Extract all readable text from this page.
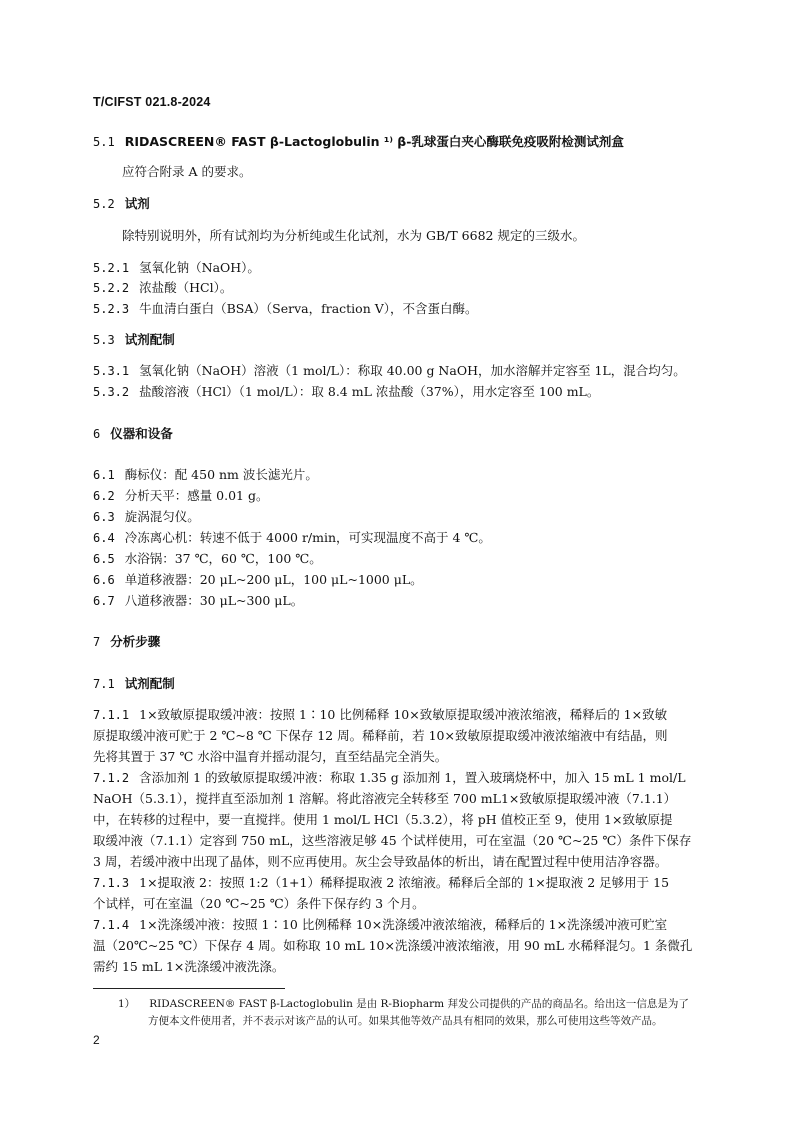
T/CIFST 021.8-2024
5.1 RIDASCREEN® FAST β-Lactoglobulin ¹⁾ β-乳球蛋白夹心酶联免疫吸附检测试剂盒
应符合附录 A 的要求。
5.2 试剂
除特别说明外，所有试剂均为分析纯或生化试剂，水为 GB/T 6682 规定的三级水。
5.2.1 氢氧化钠（NaOH）。
5.2.2 浓盐酸（HCl）。
5.2.3 牛血清白蛋白（BSA）（Serva，fraction V），不含蛋白酶。
5.3 试剂配制
5.3.1 氢氧化钠（NaOH）溶液（1 mol/L）：称取 40.00 g NaOH，加水溶解并定容至 1L，混合均匀。
5.3.2 盐酸溶液（HCl）（1 mol/L）：取 8.4 mL 浓盐酸（37%），用水定容至 100 mL。
6 仪器和设备
6.1 酶标仪：配 450 nm 波长滤光片。
6.2 分析天平：感量 0.01 g。
6.3 旋涡混匀仪。
6.4 冷冻离心机：转速不低于 4000 r/min，可实现温度不高于 4 ℃。
6.5 水浴锅：37 ℃，60 ℃，100 ℃。
6.6 单道移液器：20 μL~200 μL，100 μL~1000 μL。
6.7 八道移液器：30 μL~300 μL。
7 分析步骤
7.1 试剂配制
7.1.1 1×致敏原提取缓冲液：按照 1∶10 比例稀释 10×致敏原提取缓冲液浓缩液，稀释后的 1×致敏
原提取缓冲液可贮于 2 ℃~8 ℃ 下保存 12 周。稀释前，若 10×致敏原提取缓冲液浓缩液中有结晶，则
先将其置于 37 ℃ 水浴中温育并摇动混匀，直至结晶完全消失。
7.1.2 含添加剂 1 的致敏原提取缓冲液：称取 1.35 g 添加剂 1，置入玻璃烧杯中，加入 15 mL 1 mol/L
NaOH（5.3.1），搅拌直至添加剂 1 溶解。将此溶液完全转移至 700 mL1×致敏原提取缓冲液（7.1.1）
中，在转移的过程中，要一直搅拌。使用 1 mol/L HCl（5.3.2），将 pH 值校正至 9，使用 1×致敏原提
取缓冲液（7.1.1）定容到 750 mL，这些溶液足够 45 个试样使用，可在室温（20 ℃~25 ℃）条件下保存
3 周，若缓冲液中出现了晶体，则不应再使用。灰尘会导致晶体的析出，请在配置过程中使用洁净容器。
7.1.3 1×提取液 2：按照 1:2（1+1）稀释提取液 2 浓缩液。稀释后全部的 1×提取液 2 足够用于 15
个试样，可在室温（20 ℃~25 ℃）条件下保存约 3 个月。
7.1.4 1×洗涤缓冲液：按照 1∶10 比例稀释 10×洗涤缓冲液浓缩液，稀释后的 1×洗涤缓冲液可贮室
温（20℃~25 ℃）下保存 4 周。如称取 10 mL 10×洗涤缓冲液浓缩液，用 90 mL 水稀释混匀。1 条微孔
需约 15 mL 1×洗涤缓冲液洗涤。
1） RIDASCREEN® FAST β-Lactoglobulin 是由 R-Biopharm 拜发公司提供的产品的商品名。给出这一信息是为了
方便本文件使用者，并不表示对该产品的认可。如果其他等效产品具有相同的效果，那么可使用这些等效产品。
2
